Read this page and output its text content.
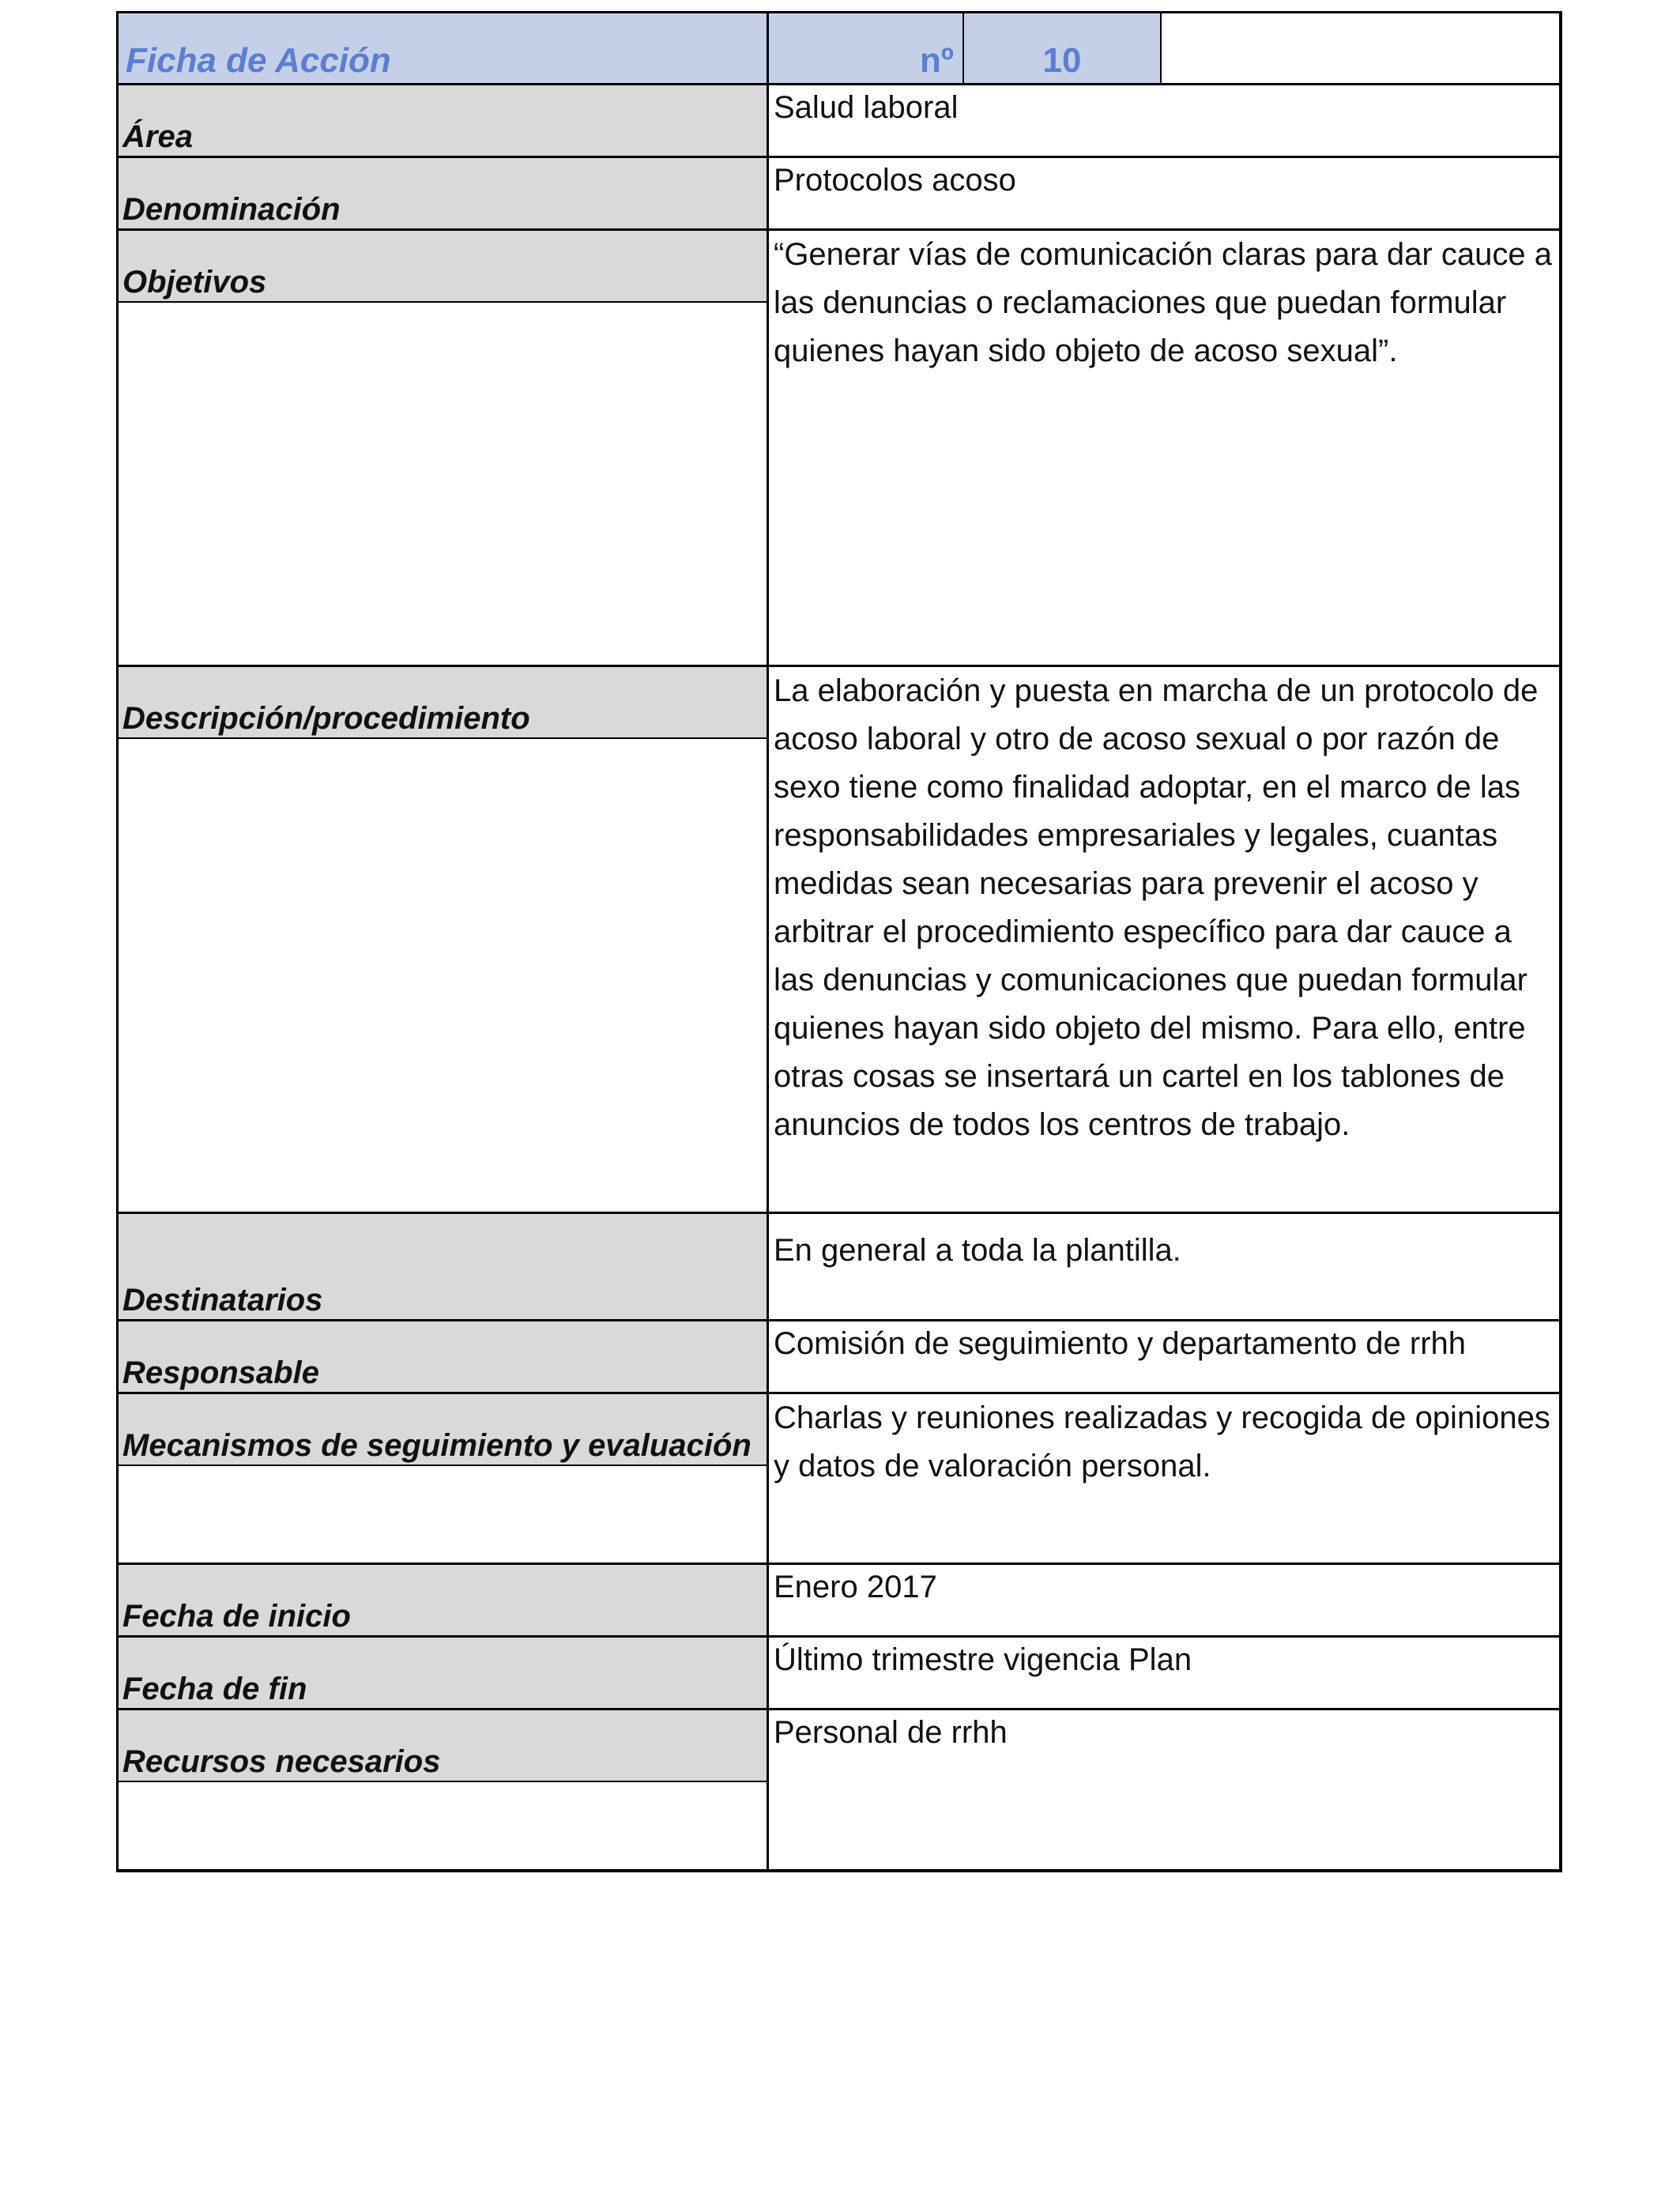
Ficha de Acción	nº	10
Área
Salud laboral
Denominación
Protocolos acoso
Objetivos
“Generar vías de comunicación claras para dar cauce a las denuncias o reclamaciones que puedan formular quienes hayan sido objeto de acoso sexual”.
Descripción/procedimiento
La elaboración y puesta en marcha de un protocolo de acoso laboral y otro de acoso sexual o por razón de sexo tiene como finalidad adoptar, en el marco de las responsabilidades empresariales y legales, cuantas medidas sean necesarias para prevenir el acoso y arbitrar el procedimiento específico para dar cauce a las denuncias y comunicaciones que puedan formular quienes hayan sido objeto del mismo. Para ello, entre otras cosas se insertará un cartel en los tablones de anuncios de todos los centros de trabajo.
Destinatarios
En general a toda la plantilla.
Responsable
Comisión de seguimiento y departamento de rrhh
Mecanismos de seguimiento y evaluación
Charlas y reuniones realizadas y recogida de opiniones y datos de valoración personal.
Fecha de inicio
Enero 2017
Fecha de fin
Último trimestre vigencia Plan
Recursos necesarios
Personal de rrhh
